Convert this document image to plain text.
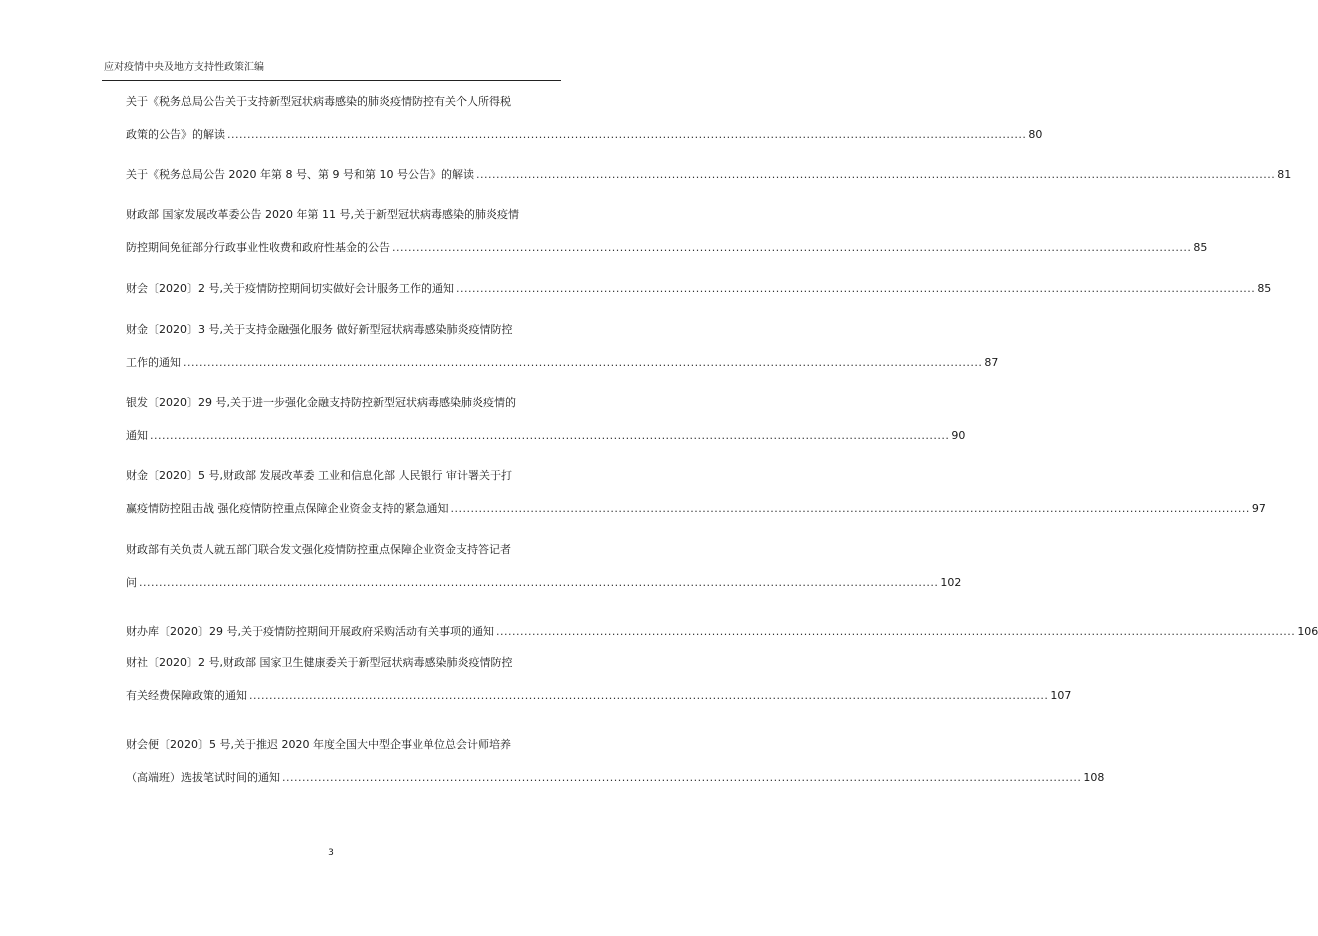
应对疫情中央及地方支持性政策汇编
关于《税务总局公告关于支持新型冠状病毒感染的肺炎疫情防控有关个人所得税
政策的公告》的解读 ........................................................................................................................................................................................................ 80
关于《税务总局公告 2020 年第 8 号、第 9 号和第 10 号公告》的解读 ........................................................................................................................................................................................................ 81
财政部 国家发展改革委公告 2020 年第 11 号,关于新型冠状病毒感染的肺炎疫情
防控期间免征部分行政事业性收费和政府性基金的公告 ........................................................................................................................................................................................................ 85
财会〔2020〕2 号,关于疫情防控期间切实做好会计服务工作的通知 ........................................................................................................................................................................................................ 85
财金〔2020〕3 号,关于支持金融强化服务 做好新型冠状病毒感染肺炎疫情防控
工作的通知 ........................................................................................................................................................................................................ 87
银发〔2020〕29 号,关于进一步强化金融支持防控新型冠状病毒感染肺炎疫情的
通知 ........................................................................................................................................................................................................ 90
财金〔2020〕5 号,财政部 发展改革委 工业和信息化部 人民银行 审计署关于打
赢疫情防控阻击战 强化疫情防控重点保障企业资金支持的紧急通知 ........................................................................................................................................................................................................ 97
财政部有关负责人就五部门联合发文强化疫情防控重点保障企业资金支持答记者
问 ........................................................................................................................................................................................................ 102
财办库〔2020〕29 号,关于疫情防控期间开展政府采购活动有关事项的通知 ........................................................................................................................................................................................................ 106
财社〔2020〕2 号,财政部 国家卫生健康委关于新型冠状病毒感染肺炎疫情防控
有关经费保障政策的通知 ........................................................................................................................................................................................................ 107
财会便〔2020〕5 号,关于推迟 2020 年度全国大中型企事业单位总会计师培养
（高端班）选拔笔试时间的通知 ........................................................................................................................................................................................................ 108
3
